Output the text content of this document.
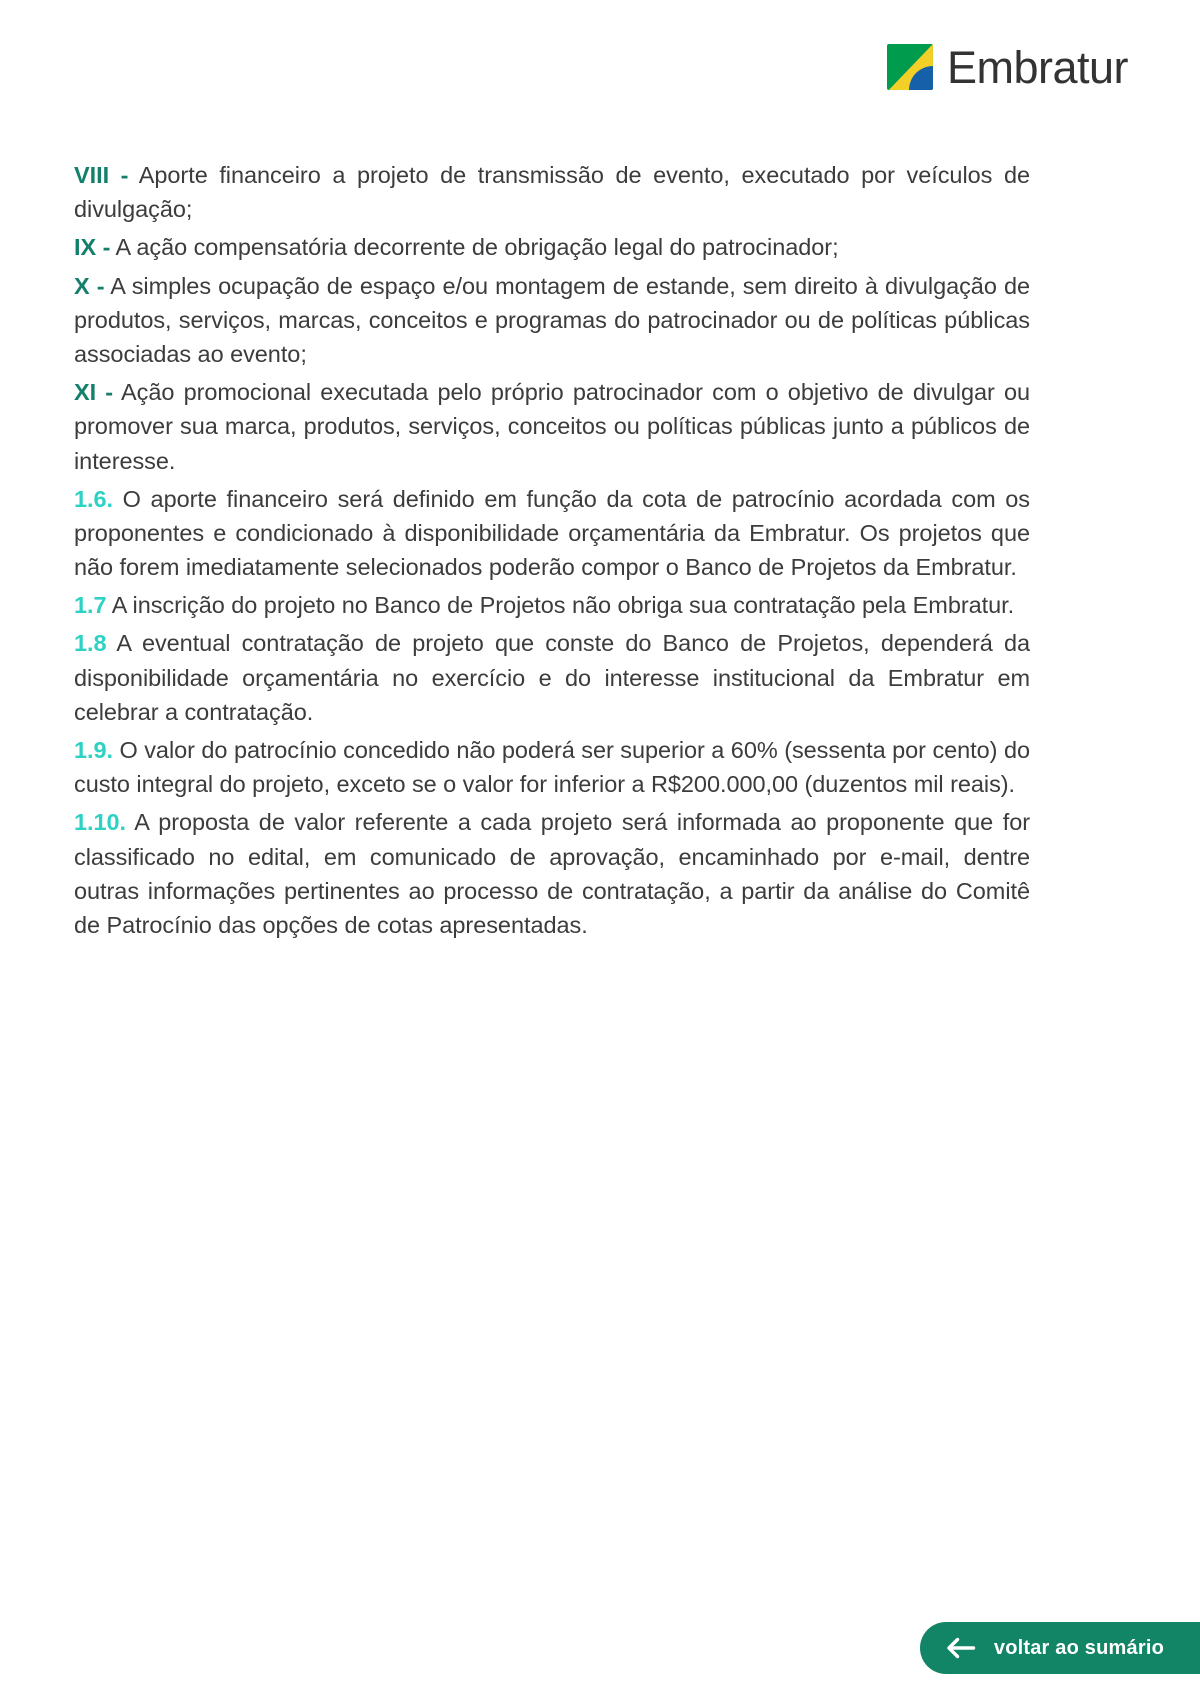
Embratur

VIII - Aporte financeiro a projeto de transmissão de evento, executado por veículos de divulgação;

IX - A ação compensatória decorrente de obrigação legal do patrocinador;

X - A simples ocupação de espaço e/ou montagem de estande, sem direito à divulgação de produtos, serviços, marcas, conceitos e programas do patrocinador ou de políticas públicas associadas ao evento;

XI - Ação promocional executada pelo próprio patrocinador com o objetivo de divulgar ou promover sua marca, produtos, serviços, conceitos ou políticas públicas junto a públicos de interesse.

1.6. O aporte financeiro será definido em função da cota de patrocínio acordada com os proponentes e condicionado à disponibilidade orçamentária da Embratur. Os projetos que não forem imediatamente selecionados poderão compor o Banco de Projetos da Embratur.

1.7 A inscrição do projeto no Banco de Projetos não obriga sua contratação pela Embratur.

1.8 A eventual contratação de projeto que conste do Banco de Projetos, dependerá da disponibilidade orçamentária no exercício e do interesse institucional da Embratur em celebrar a contratação.

1.9. O valor do patrocínio concedido não poderá ser superior a 60% (sessenta por cento) do custo integral do projeto, exceto se o valor for inferior a R$200.000,00 (duzentos mil reais).

1.10. A proposta de valor referente a cada projeto será informada ao proponente que for classificado no edital, em comunicado de aprovação, encaminhado por e-mail, dentre outras informações pertinentes ao processo de contratação, a partir da análise do Comitê de Patrocínio das opções de cotas apresentadas.

voltar ao sumário
